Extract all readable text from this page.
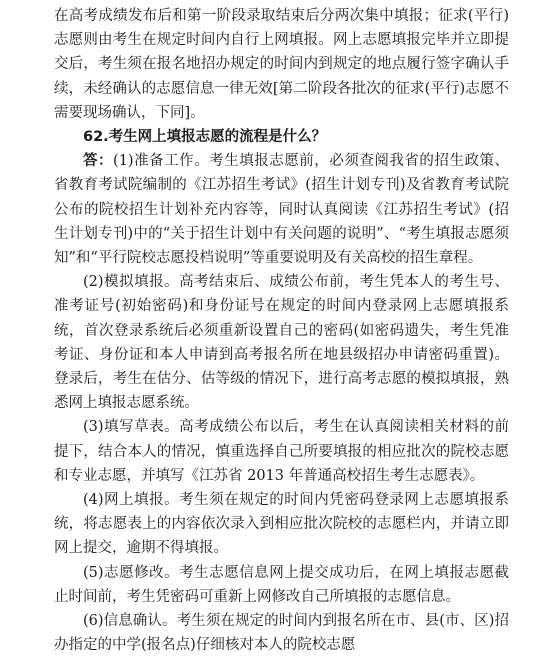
在高考成绩发布后和第一阶段录取结束后分两次集中填报；征求(平行)志愿则由考生在规定时间内自行上网填报。网上志愿填报完毕并立即提交后，考生须在报名地招办规定的时间内到规定的地点履行签字确认手续，未经确认的志愿信息一律无效[第二阶段各批次的征求(平行)志愿不需要现场确认，下同]。

62.考生网上填报志愿的流程是什么？

答：(1)准备工作。考生填报志愿前，必须查阅我省的招生政策、省教育考试院编制的《江苏招生考试》(招生计划专刊)及省教育考试院公布的院校招生计划补充内容等，同时认真阅读《江苏招生考试》(招生计划专刊)中的“关于招生计划中有关问题的说明”、“考生填报志愿须知”和“平行院校志愿投档说明”等重要说明及有关高校的招生章程。

(2)模拟填报。高考结束后、成绩公布前，考生凭本人的考生号、准考证号(初始密码)和身份证号在规定的时间内登录网上志愿填报系统，首次登录系统后必须重新设置自己的密码(如密码遗失，考生凭准考证、身份证和本人申请到高考报名所在地县级招办申请密码重置)。登录后，考生在估分、估等级的情况下，进行高考志愿的模拟填报，熟悉网上填报志愿系统。

(3)填写草表。高考成绩公布以后，考生在认真阅读相关材料的前提下，结合本人的情况，慎重选择自己所要填报的相应批次的院校志愿和专业志愿，并填写《江苏省 2013 年普通高校招生考生志愿表》。

(4)网上填报。考生须在规定的时间内凭密码登录网上志愿填报系统，将志愿表上的内容依次录入到相应批次院校的志愿栏内，并请立即网上提交，逾期不得填报。

(5)志愿修改。考生志愿信息网上提交成功后，在网上填报志愿截止时间前，考生凭密码可重新上网修改自己所填报的志愿信息。

(6)信息确认。考生须在规定的时间内到报名所在市、县(市、区)招办指定的中学(报名点)仔细核对本人的院校志愿
